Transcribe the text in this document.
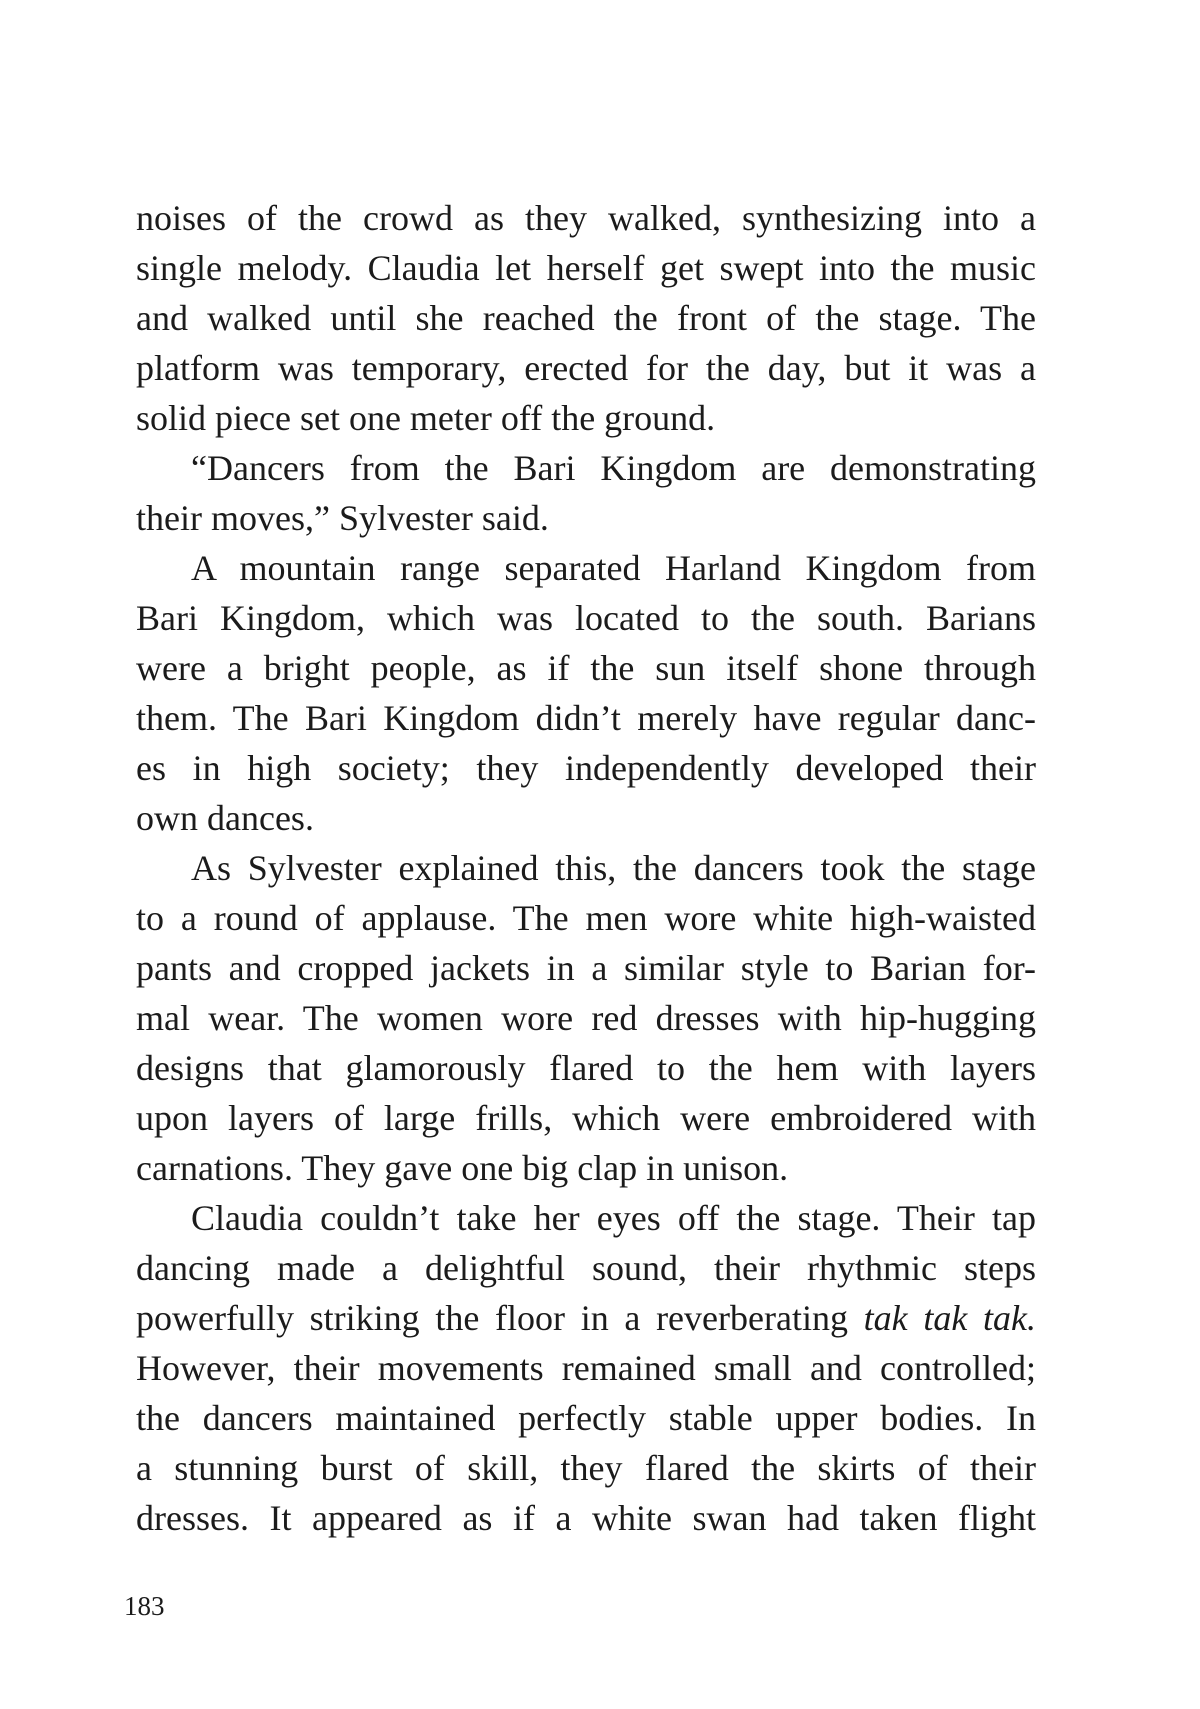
noises of the crowd as they walked, synthesizing into a
single melody. Claudia let herself get swept into the music
and walked until she reached the front of the stage. The
platform was temporary, erected for the day, but it was a
solid piece set one meter off the ground.

“Dancers from the Bari Kingdom are demonstrating
their moves,” Sylvester said.

A mountain range separated Harland Kingdom from
Bari Kingdom, which was located to the south. Barians
were a bright people, as if the sun itself shone through
them. The Bari Kingdom didn’t merely have regular danc-
es in high society; they independently developed their
own dances.

As Sylvester explained this, the dancers took the stage
to a round of applause. The men wore white high-waisted
pants and cropped jackets in a similar style to Barian for-
mal wear. The women wore red dresses with hip-hugging
designs that glamorously flared to the hem with layers
upon layers of large frills, which were embroidered with
carnations. They gave one big clap in unison.

Claudia couldn’t take her eyes off the stage. Their tap
dancing made a delightful sound, their rhythmic steps
powerfully striking the floor in a reverberating tak tak tak.
However, their movements remained small and controlled;
the dancers maintained perfectly stable upper bodies. In
a stunning burst of skill, they flared the skirts of their
dresses. It appeared as if a white swan had taken flight

183
